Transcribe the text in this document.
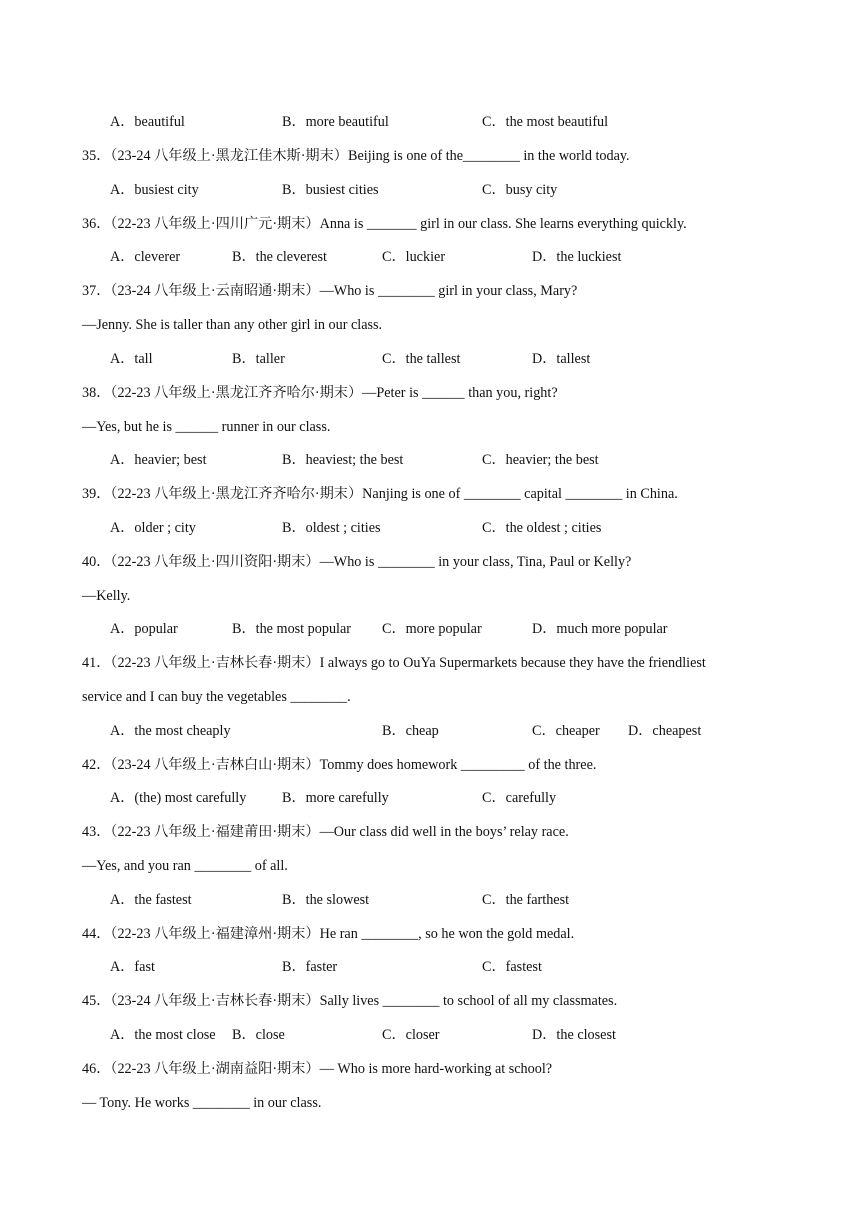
A．beautiful	B．more beautiful	C．the most beautiful
35．（23-24 八年级上·黑龙江佳木斯·期末）Beijing is one of the________ in the world today.
A．busiest city	B．busiest cities	C．busy city
36．（22-23 八年级上·四川广元·期末）Anna is _______ girl in our class. She learns everything quickly.
A．cleverer	B．the cleverest	C．luckier	D．the luckiest
37．（23-24 八年级上·云南昭通·期末）—Who is ________ girl in your class, Mary?
—Jenny. She is taller than any other girl in our class.
A．tall	B．taller	C．the tallest	D．tallest
38．（22-23 八年级上·黑龙江齐齐哈尔·期末）—Peter is ______ than you, right?
—Yes, but he is ______ runner in our class.
A．heavier; best	B．heaviest; the best	C．heavier; the best
39．（22-23 八年级上·黑龙江齐齐哈尔·期末）Nanjing is one of ________ capital ________ in China.
A．older ; city	B．oldest ; cities	C．the oldest ; cities
40．（22-23 八年级上·四川资阳·期末）—Who is ________ in your class, Tina, Paul or Kelly?
—Kelly.
A．popular	B．the most popular C．more popular	D．much more popular
41．（22-23 八年级上·吉林长春·期末）I always go to OuYa Supermarkets because they have the friendliest
service and I can buy the vegetables ________.
A．the most cheaply	B．cheap	C．cheaper D．cheapest
42．（23-24 八年级上·吉林白山·期末）Tommy does homework _________ of the three.
A．(the) most carefully	B．more carefully	C．carefully
43．（22-23 八年级上·福建莆田·期末）—Our class did well in the boys’ relay race.
—Yes, and you ran ________ of all.
A．the fastest	B．the slowest	C．the farthest
44．（22-23 八年级上·福建漳州·期末）He ran ________, so he won the gold medal.
A．fast	B．faster	C．fastest
45．（23-24 八年级上·吉林长春·期末）Sally lives ________ to school of all my classmates.
A．the most close B．close	C．closer	D．the closest
46．（22-23 八年级上·湖南益阳·期末）— Who is more hard-working at school?
— Tony. He works ________ in our class.
